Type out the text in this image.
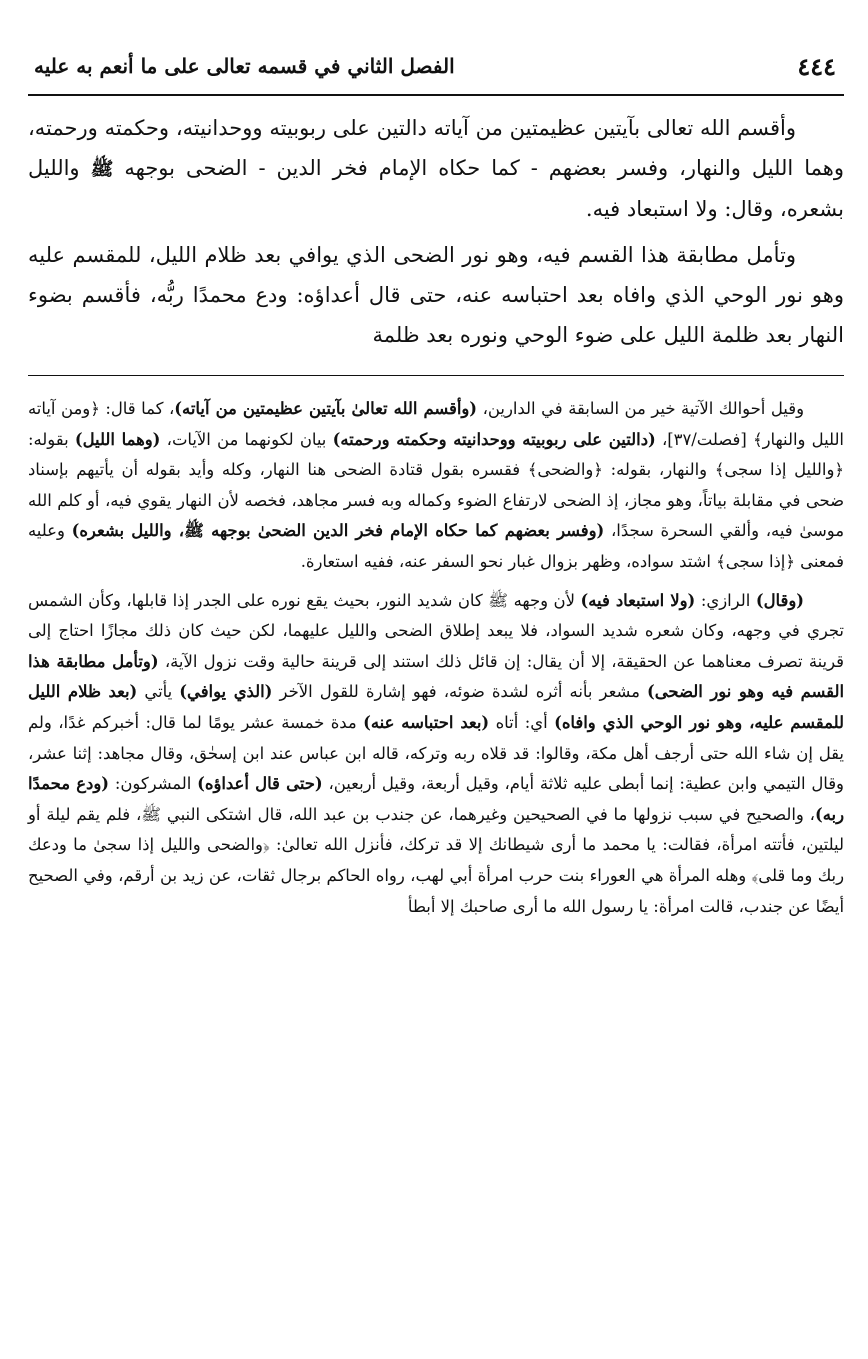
٤٤٤
الفصل الثاني في قسمه تعالى على ما أنعم به عليه

وأقسم الله تعالى بآيتين عظيمتين من آياته دالتين على ربوبيته ووحدانيته، وحكمته ورحمته، وهما الليل والنهار، وفسر بعضهم - كما حكاه الإمام فخر الدين - الضحى بوجهه ﷺ والليل بشعره، وقال: ولا استبعاد فيه.

وتأمل مطابقة هذا القسم فيه، وهو نور الضحى الذي يوافي بعد ظلام الليل، للمقسم عليه وهو نور الوحي الذي وافاه بعد احتباسه عنه، حتى قال أعداؤه: ودع محمدًا ربُّه، فأقسم بضوء النهار بعد ظلمة الليل على ضوء الوحي ونوره بعد ظلمة

وقيل أحوالك الآتية خير من السابقة في الدارين، (وأقسم الله تعالىٰ بآيتين عظيمتين من آياته)، كما قال: ﴿ومن آياته الليل والنهار﴾ [فصلت/٣٧]، (دالتين على ربوبيته ووحدانيته وحكمته ورحمته) بيان لكونهما من الآيات، (وهما الليل) بقوله: ﴿والليل إذا سجى﴾ والنهار، بقوله: ﴿والضحى﴾ فقسره بقول قتادة الضحى هنا النهار، وكله وأيد بقوله أن يأتيهم بإسناد ضحى في مقابلة بياتاً، وهو مجاز، إذ الضحى لارتفاع الضوء وكماله وبه فسر مجاهد، فخصه لأن النهار يقوي فيه، أو كلم الله موسىٰ فيه، وألقي السحرة سجدًا، (وفسر بعضهم كما حكاه الإمام فخر الدين الضحىٰ بوجهه ﷺ، والليل بشعره) وعليه فمعنى ﴿إذا سجى﴾ اشتد سواده، وظهر بزوال غبار نحو السفر عنه، ففيه استعارة.

(وقال) الرازي: (ولا استبعاد فيه) لأن وجهه ﷺ كان شديد النور، بحيث يقع نوره على الجدر إذا قابلها، وكأن الشمس تجري في وجهه، وكان شعره شديد السواد، فلا يبعد إطلاق الضحى والليل عليهما، لكن حيث كان ذلك مجازًا احتاج إلى قرينة تصرف معناهما عن الحقيقة، إلا أن يقال: إن قائل ذلك استند إلى قرينة حالية وقت نزول الآية، (وتأمل مطابقة هذا القسم فيه وهو نور الضحى) مشعر بأنه أثره لشدة ضوئه، فهو إشارة للقول الآخر (الذي يوافي) يأتي (بعد ظلام الليل للمقسم عليه، وهو نور الوحي الذي وافاه) أي: أتاه (بعد احتباسه عنه) مدة خمسة عشر يومًا لما قال: أخبركم غدًا، ولم يقل إن شاء الله حتى أرجف أهل مكة، وقالوا: قد قلاه ربه وتركه، قاله ابن عباس عند ابن إسحٰق، وقال مجاهد: إثنا عشر، وقال التيمي وابن عطية: إنما أبطى عليه ثلاثة أيام، وقيل أربعة، وقيل أربعين، (حتى قال أعداؤه) المشركون: (ودع محمدًا ربه)، والصحيح في سبب نزولها ما في الصحيحين وغيرهما، عن جندب بن عبد الله، قال اشتكى النبي ﷺ، فلم يقم ليلة أو ليلتين، فأتته امرأة، فقالت: يا محمد ما أرى شيطانك إلا قد تركك، فأنزل الله تعالىٰ: ﴿والضحى والليل إذا سجىٰ ما ودعك ربك وما قلى﴾ وهله المرأة هي العوراء بنت حرب امرأة أبي لهب، رواه الحاكم برجال ثقات، عن زيد بن أرقم، وفي الصحيح أيضًا عن جندب، قالت امرأة: يا رسول الله ما أرى صاحبك إلا أبطأ
